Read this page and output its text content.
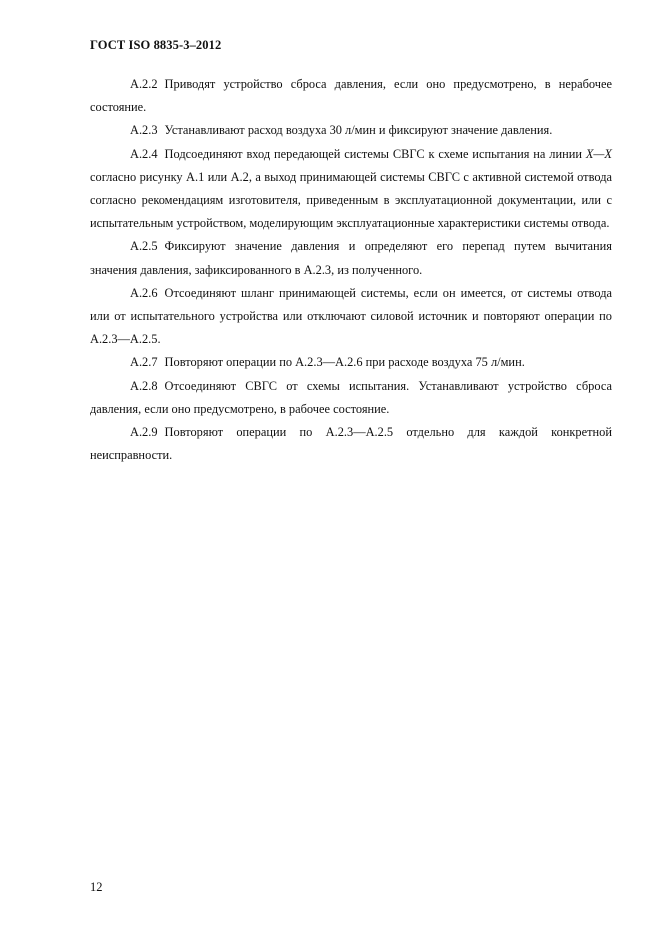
ГОСТ ISO 8835-3–2012

А.2.2 Приводят устройство сброса давления, если оно предусмотрено, в нерабочее состояние.

А.2.3 Устанавливают расход воздуха 30 л/мин и фиксируют значение давления.

А.2.4 Подсоединяют вход передающей системы СВГС к схеме испытания на линии X—X согласно рисунку А.1 или А.2, а выход принимающей системы СВГС с активной системой отвода согласно рекомендациям изготовителя, приведенным в эксплуатационной документации, или с испытательным устройством, моделирующим эксплуатационные характеристики системы отвода.

А.2.5 Фиксируют значение давления и определяют его перепад путем вычитания значения давления, зафиксированного в А.2.3, из полученного.

А.2.6 Отсоединяют шланг принимающей системы, если он имеется, от системы отвода или от испытательного устройства или отключают силовой источник и повторяют операции по А.2.3—А.2.5.

А.2.7 Повторяют операции по А.2.3—А.2.6 при расходе воздуха 75 л/мин.

А.2.8 Отсоединяют СВГС от схемы испытания. Устанавливают устройство сброса давления, если оно предусмотрено, в рабочее состояние.

А.2.9 Повторяют операции по А.2.3—А.2.5 отдельно для каждой конкретной неисправности.

12
